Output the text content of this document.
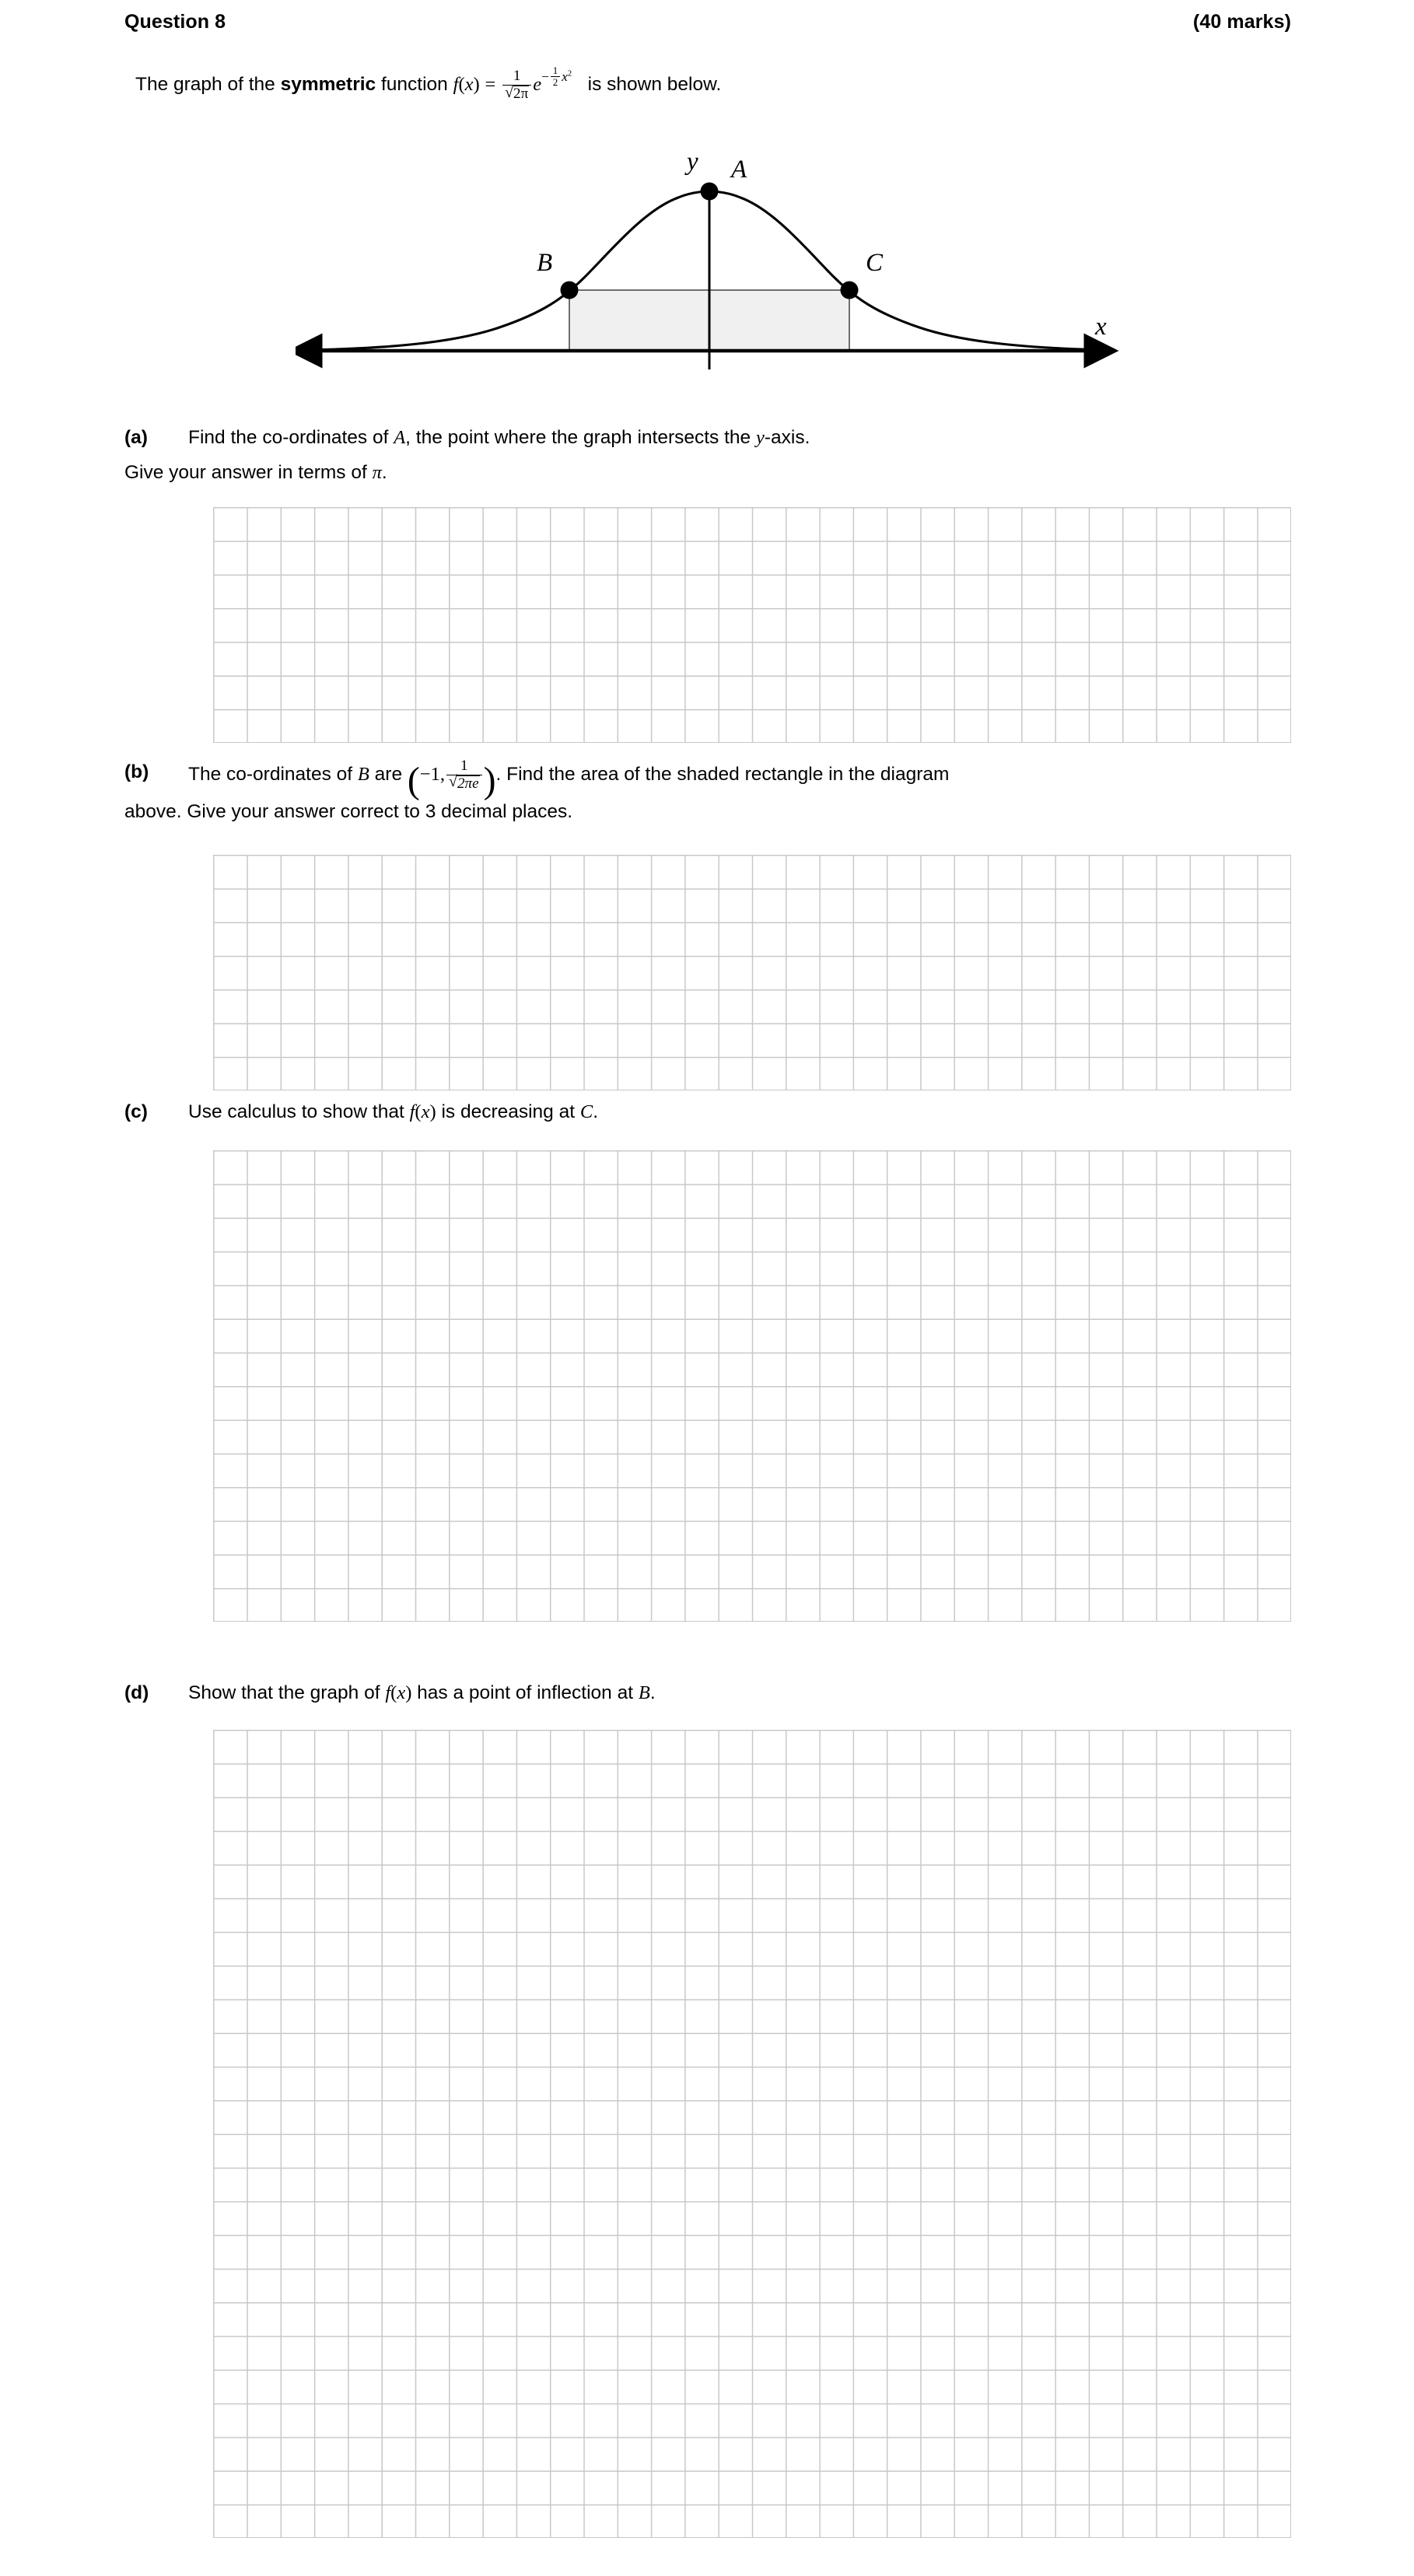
Question 8	(40 marks)
The graph of the symmetric function f(x) = 1
√ 2π $e^{- \frac{1}{2} x^2}$   is shown below.
y
x
A
B	C
(a)	Find the co-ordinates of A, the point where the graph intersects the y-axis.
Give your answer in terms of π.
(b)	The co-ordinates of B are (−1, 1
√ 2πe ). Find the area of the shaded rectangle in the diagram
above. Give your answer correct to 3 decimal places.
(c)	Use calculus to show that f(x) is decreasing at C.
(d)	Show that the graph of f(x) has a point of inflection at B.
